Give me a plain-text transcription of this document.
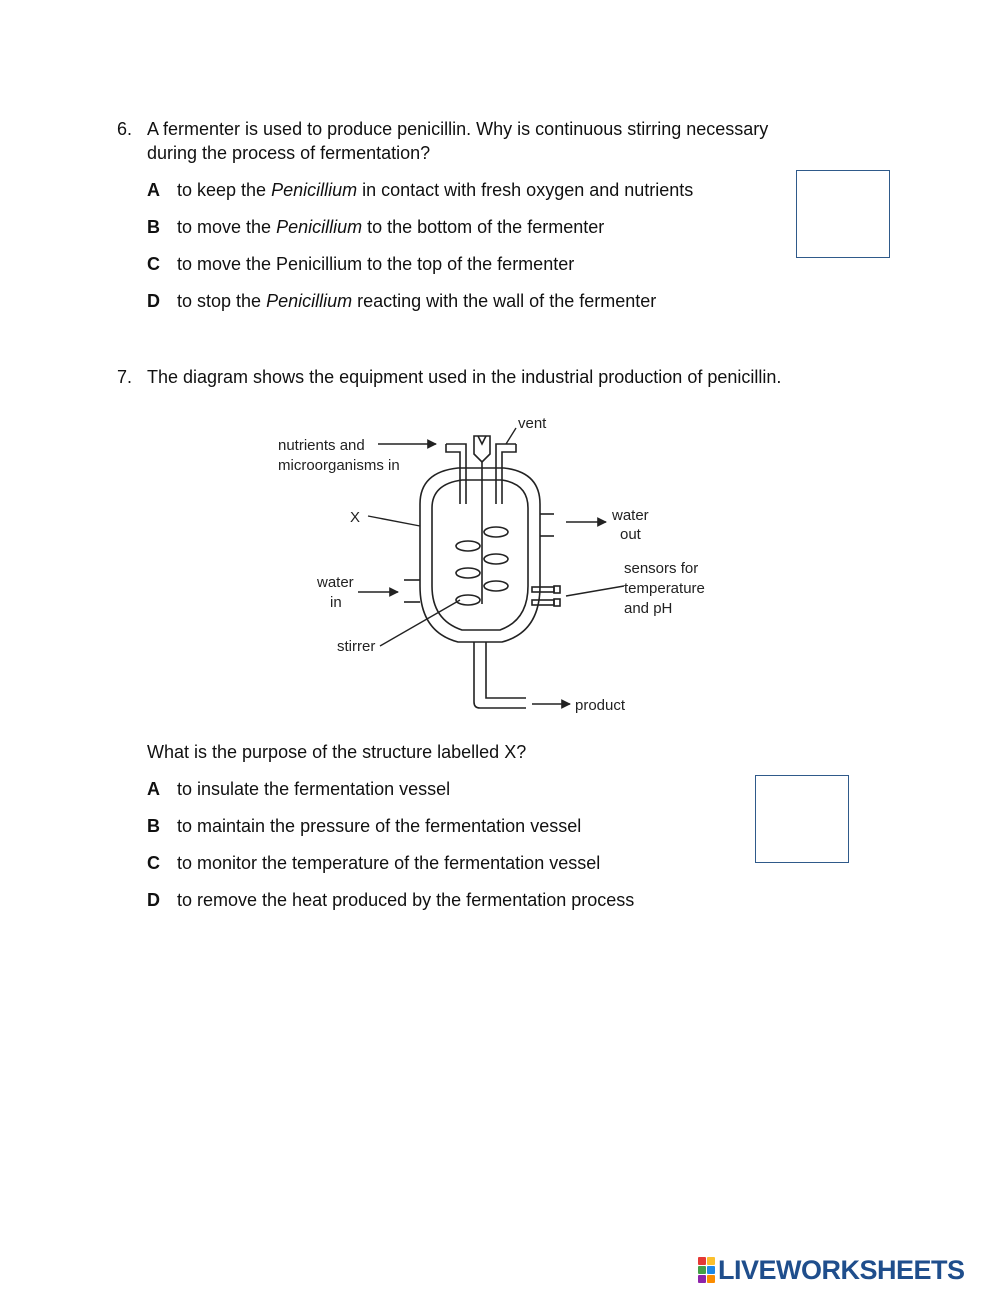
6. A fermenter is used to produce penicillin. Why is continuous stirring necessary
during the process of fermentation?
A to keep the Penicillium in contact with fresh oxygen and nutrients
B to move the Penicillium to the bottom of the fermenter
C to move the Penicillium to the top of the fermenter
D to stop the Penicillium reacting with the wall of the fermenter
7. The diagram shows the equipment used in the industrial production of penicillin.
vent
nutrients and
microorganisms in
X	water
out
sensors for
temperature
and pH
water
in
stirrer
product
What is the purpose of the structure labelled X?
A to insulate the fermentation vessel
B to maintain the pressure of the fermentation vessel
C to monitor the temperature of the fermentation vessel
D to remove the heat produced by the fermentation process
LIVEWORKSHEETS
